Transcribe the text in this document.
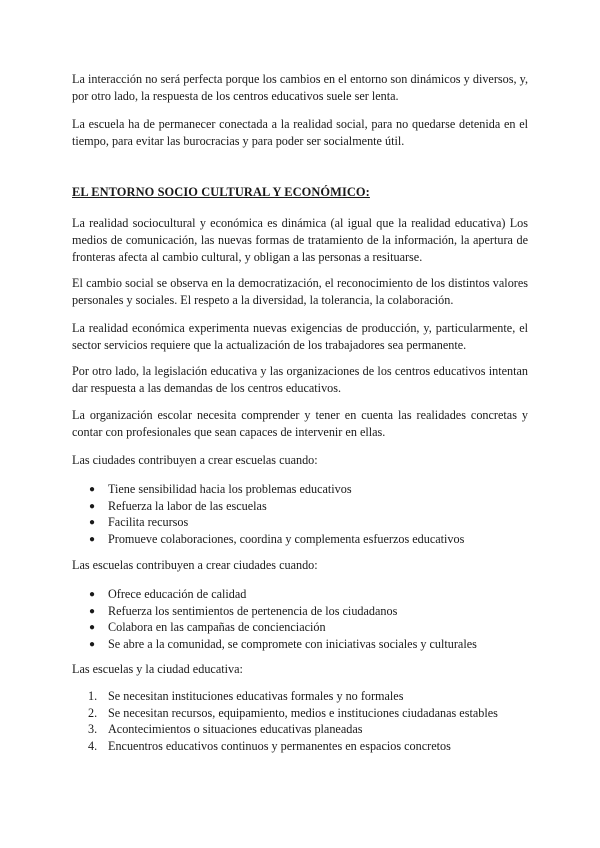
La interacción no será perfecta porque los cambios en el entorno son dinámicos y diversos, y, por otro lado, la respuesta de los centros educativos suele ser lenta.

La escuela ha de permanecer conectada a la realidad social, para no quedarse detenida en el tiempo, para evitar las burocracias y para poder ser socialmente útil.

EL ENTORNO SOCIO CULTURAL Y ECONÓMICO:

La realidad sociocultural y económica es dinámica (al igual que la realidad educativa) Los medios de comunicación, las nuevas formas de tratamiento de la información, la apertura de fronteras afecta al cambio cultural, y obligan a las personas a resituarse.

El cambio social se observa en la democratización, el reconocimiento de los distintos valores personales y sociales. El respeto a la diversidad, la tolerancia, la colaboración.

La realidad económica experimenta nuevas exigencias de producción, y, particularmente, el sector servicios requiere que la actualización de los trabajadores sea permanente.

Por otro lado, la legislación educativa y las organizaciones de los centros educativos intentan dar respuesta a las demandas de los centros educativos.

La organización escolar necesita comprender y tener en cuenta las realidades concretas y contar con profesionales que sean capaces de intervenir en ellas.

Las ciudades contribuyen a crear escuelas cuando:

● Tiene sensibilidad hacia los problemas educativos
● Refuerza la labor de las escuelas
● Facilita recursos
● Promueve colaboraciones, coordina y complementa esfuerzos educativos

Las escuelas contribuyen a crear ciudades cuando:

● Ofrece educación de calidad
● Refuerza los sentimientos de pertenencia de los ciudadanos
● Colabora en las campañas de concienciación
● Se abre a la comunidad, se compromete con iniciativas sociales y culturales

Las escuelas y la ciudad educativa:

1. Se necesitan instituciones educativas formales y no formales
2. Se necesitan recursos, equipamiento, medios e instituciones ciudadanas estables
3. Acontecimientos o situaciones educativas planeadas
4. Encuentros educativos continuos y permanentes en espacios concretos
